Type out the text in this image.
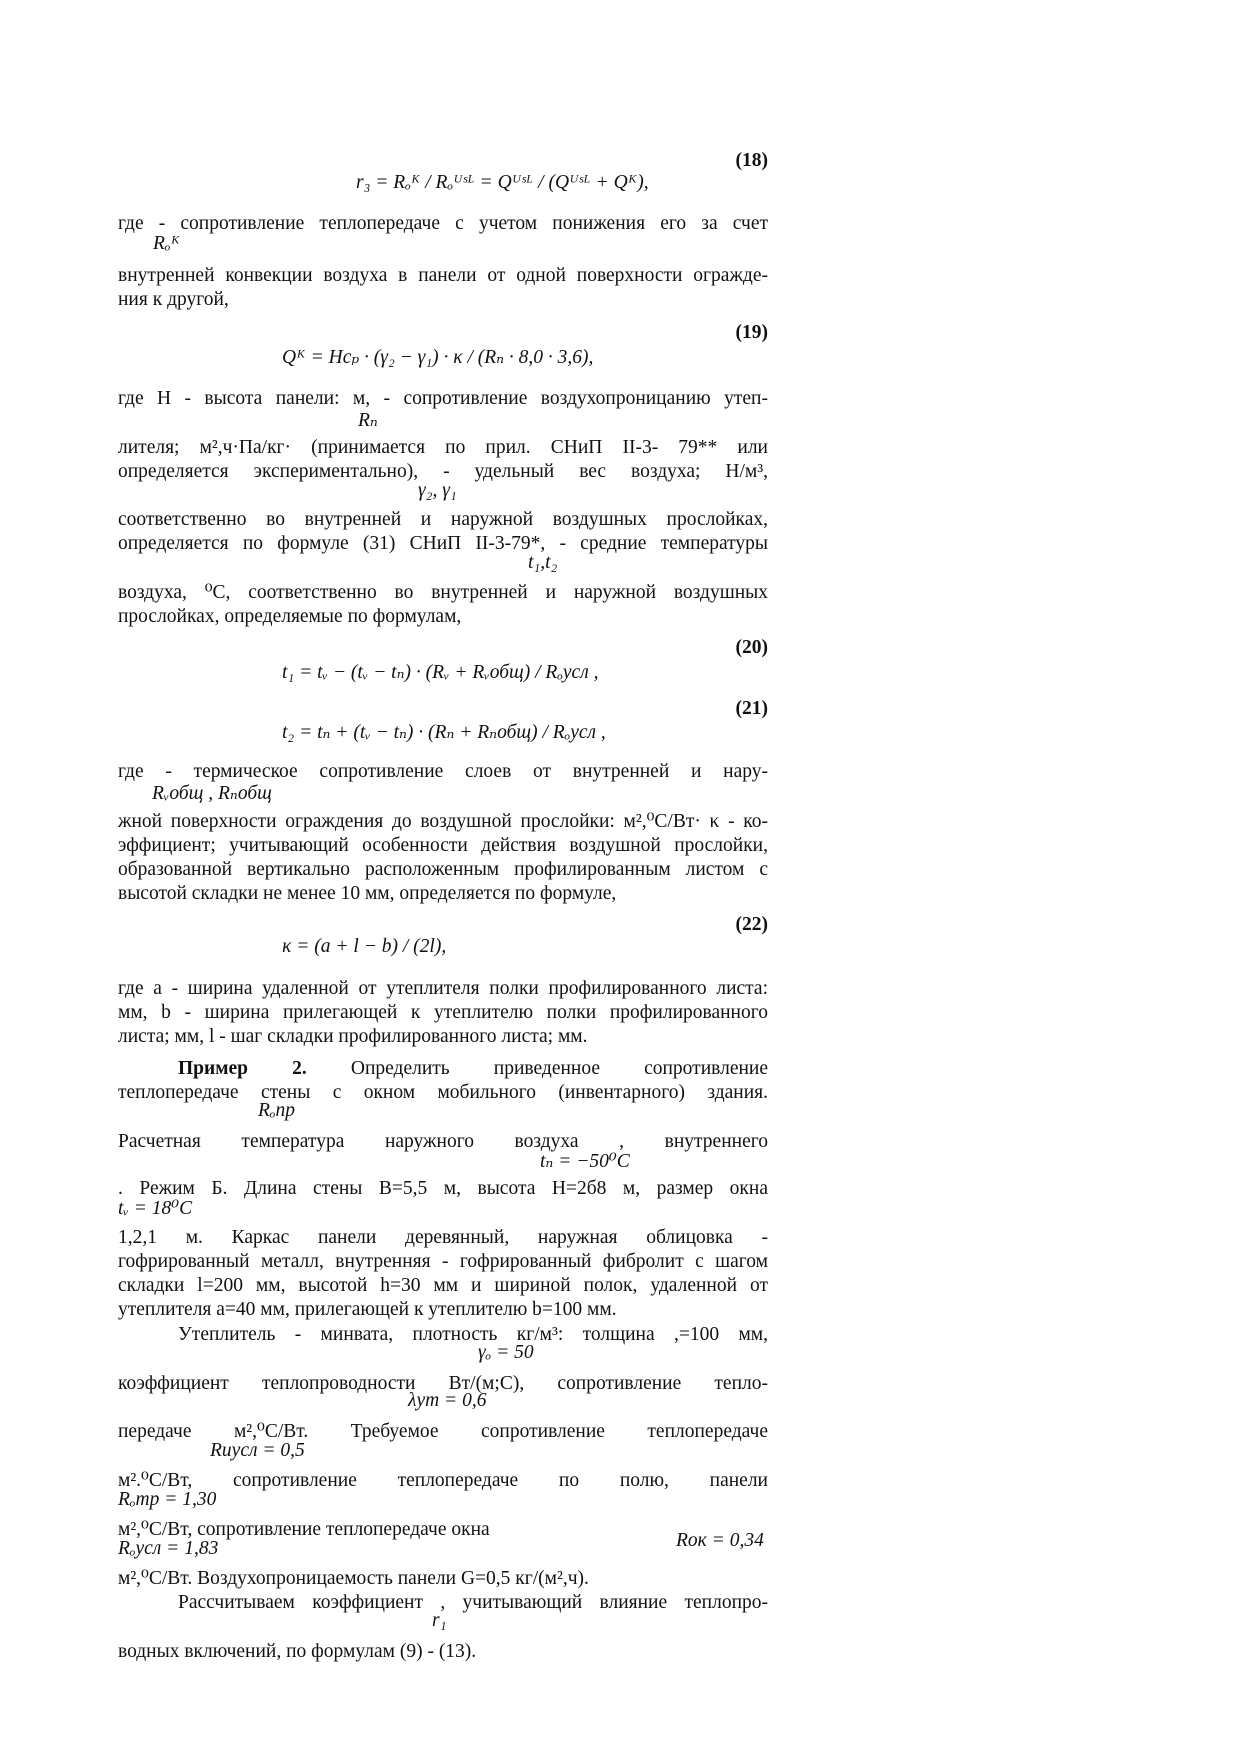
(18)
r₃ = Rₒᴷ / Rₒᵁˢᴸ = Qᵁˢᴸ / (Qᵁˢᴸ + Qᴷ),
где - сопротивление теплопередаче с учетом понижения его за счет
Rₒᴷ
внутренней конвекции воздуха в панели от одной поверхности огражде-
ния к другой,
(19)
Qᴷ = Hcₚ · (γ₂ − γ₁) · κ / (Rₙ · 8,0 · 3,6),
где H - высота панели: м, - сопротивление воздухопроницанию утеп-
Rₙ
лителя; м²,ч·Па/кг· (принимается по прил. СНиП II-3- 79** или
определяется экспериментально), - удельный вес воздуха; Н/м³,
γ₂, γ₁
соответственно во внутренней и наружной воздушных прослойках,
определяется по формуле (31) СНиП II-3-79*, - средние температуры
t₁,t₂
воздуха, ⁰С, соответственно во внутренней и наружной воздушных
прослойках, определяемые по формулам,
(20)
t₁ = tᵥ − (tᵥ − tₙ) · (Rᵥ + Rᵥобщ) / Rₒусл ,
(21)
t₂ = tₙ + (tᵥ − tₙ) · (Rₙ + Rₙобщ) / Rₒусл ,
где - термическое сопротивление слоев от внутренней и нару-
Rᵥобщ , Rₙобщ
жной поверхности ограждения до воздушной прослойки: м²,⁰С/Вт· κ - ко-
эффициент; учитывающий особенности действия воздушной прослойки,
образованной вертикально расположенным профилированным листом с
высотой складки не менее 10 мм, определяется по формуле,
(22)
κ = (a + l − b) / (2l),
где a - ширина удаленной от утеплителя полки профилированного листа:
мм, b - ширина прилегающей к утеплителю полки профилированного
листа; мм, l - шаг складки профилированного листа; мм.
Пример 2. Определить приведенное сопротивление
теплопередаче стены с окном мобильного (инвентарного) здания.
Rₒпр
Расчетная температура наружного воздуха , внутреннего
tₙ = −50⁰C
. Режим Б. Длина стены B=5,5 м, высота H=2б8 м, размер окна
tᵥ = 18⁰C
1,2,1 м. Каркас панели деревянный, наружная облицовка -
гофрированный металл, внутренняя - гофрированный фибролит с шагом
складки l=200 мм, высотой h=30 мм и шириной полок, удаленной от
утеплителя a=40 мм, прилегающей к утеплителю b=100 мм.
Утеплитель - минвата, плотность кг/м³: толщина ,=100 мм,
γₒ = 50
коэффициент теплопроводности Вт/(м;С), сопротивление тепло-
λут = 0,6
передаче м²,⁰С/Вт. Требуемое сопротивление теплопередаче
Rиусл = 0,5
м².⁰С/Вт, сопротивление теплопередаче по полю, панели
Rₒтр = 1,30
м²,⁰С/Вт, сопротивление теплопередаче окна
Rₒусл = 1,83	Rок = 0,34
м²,⁰С/Вт. Воздухопроницаемость панели G=0,5 кг/(м²,ч).
Рассчитываем коэффициент , учитывающий влияние теплопро-
r₁
водных включений, по формулам (9) - (13).
